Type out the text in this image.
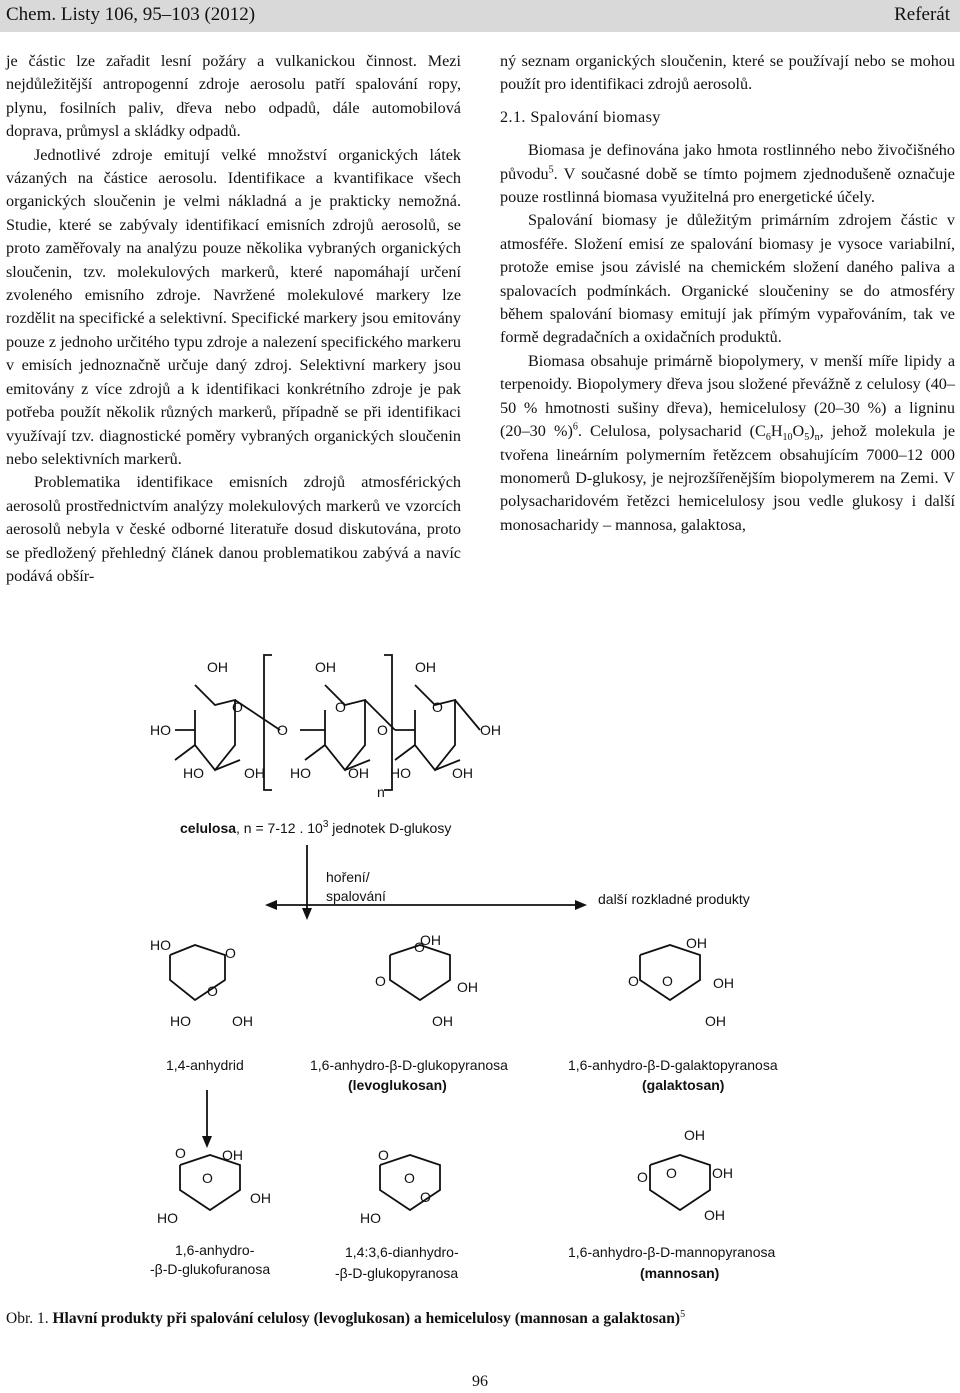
Chem. Listy 106, 95–103 (2012)	Referát

je částic lze zařadit lesní požáry a vulkanickou činnost. Mezi nejdůležitější antropogenní zdroje aerosolu patří spalování ropy, plynu, fosilních paliv, dřeva nebo odpadů, dále automobilová doprava, průmysl a skládky odpadů.

Jednotlivé zdroje emitují velké množství organických látek vázaných na částice aerosolu. Identifikace a kvantifikace všech organických sloučenin je velmi nákladná a je prakticky nemožná. Studie, které se zabývaly identifikací emisních zdrojů aerosolů, se proto zaměřovaly na analýzu pouze několika vybraných organických sloučenin, tzv. molekulových markerů, které napomáhají určení zvoleného emisního zdroje. Navržené molekulové markery lze rozdělit na specifické a selektivní. Specifické markery jsou emitovány pouze z jednoho určitého typu zdroje a nalezení specifického markeru v emisích jednoznačně určuje daný zdroj. Selektivní markery jsou emitovány z více zdrojů a k identifikaci konkrétního zdroje je pak potřeba použít několik různých markerů, případně se při identifikaci využívají tzv. diagnostické poměry vybraných organických sloučenin nebo selektivních markerů.

Problematika identifikace emisních zdrojů atmosférických aerosolů prostřednictvím analýzy molekulových markerů ve vzorcích aerosolů nebyla v české odborné literatuře dosud diskutována, proto se předložený přehledný článek danou problematikou zabývá a navíc podává obšír-

ný seznam organických sloučenin, které se používají nebo se mohou použít pro identifikaci zdrojů aerosolů.

2.1. Spalování biomasy

Biomasa je definována jako hmota rostlinného nebo živočišného původu$^5$. V současné době se tímto pojmem zjednodušeně označuje pouze rostlinná biomasa využitelná pro energetické účely.

Spalování biomasy je důležitým primárním zdrojem částic v atmosféře. Složení emisí ze spalování biomasy je vysoce variabilní, protože emise jsou závislé na chemickém složení daného paliva a spalovacích podmínkách. Organické sloučeniny se do atmosféry během spalování biomasy emitují jak přímým vypařováním, tak ve formě degradačních a oxidačních produktů.

Biomasa obsahuje primárně biopolymery, v menší míře lipidy a terpenoidy. Biopolymery dřeva jsou složené převážně z celulosy (40–50 % hmotnosti sušiny dřeva), hemicelulosy (20–30 %) a ligninu (20–30 %)$^6$. Celulosa, polysacharid $(C_6H_{10}O_5)_n$, jehož molekula je tvořena lineárním polymerním řetězcem obsahujícím 7000–12 000 monomerů D-glukosy, je nejrozšířenějším biopolymerem na Zemi. V polysacharidovém řetězci hemicelulosy jsou vedle glukosy i další monosacharidy – mannosa, galaktosa,

OH	OH	OH
O	O	O
HO	O	O	OH
HO	OH HO	OH HO	OH
n
celulosa, n = 7-12 . $10^3$ jednotek D-glukosy
hoření/
spalování	další rozkladné produkty
HO	O
O
HO	OH
O
O
OH
OH
OH
O O
OH
OH
OH
1,4-anhydrid	1,6-anhydro-β-D-glukopyranosa
(levoglukosan)
1,6-anhydro-β-D-galaktopyranosa
(galaktosan)
O
O
OH
OH
HO
O
O
O
HO
O O
OH
OH
OH
1,6-anhydro-
-β-D-glukofuranosa
1,4:3,6-dianhydro-
-β-D-glukopyranosa
1,6-anhydro-β-D-mannopyranosa
(mannosan)
Obr. 1. Hlavní produkty při spalování celulosy (levoglukosan) a hemicelulosy (mannosan a galaktosan)$^5$
96
